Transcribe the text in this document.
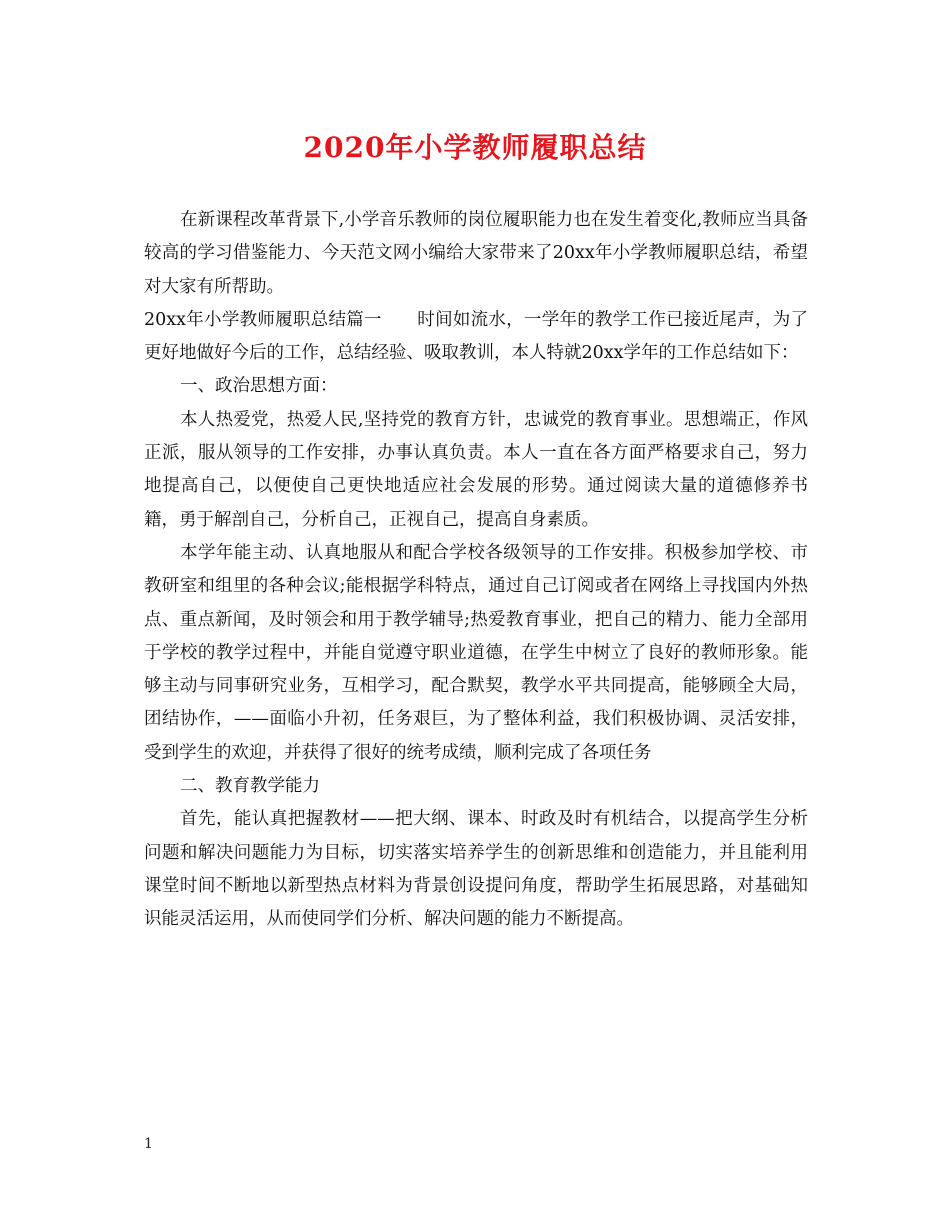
2020年小学教师履职总结

在新课程改革背景下,小学音乐教师的岗位履职能力也在发生着变化,教师应当具备较高的学习借鉴能力、今天范文网小编给大家带来了20xx年小学教师履职总结，希望对大家有所帮助。

20xx年小学教师履职总结篇一　　时间如流水，一学年的教学工作已接近尾声，为了更好地做好今后的工作，总结经验、吸取教训，本人特就20xx学年的工作总结如下：

一、政治思想方面：

本人热爱党，热爱人民,坚持党的教育方针，忠诚党的教育事业。思想端正，作风正派，服从领导的工作安排，办事认真负责。本人一直在各方面严格要求自己，努力地提高自己，以便使自己更快地适应社会发展的形势。通过阅读大量的道德修养书籍，勇于解剖自己，分析自己，正视自己，提高自身素质。

本学年能主动、认真地服从和配合学校各级领导的工作安排。积极参加学校、市教研室和组里的各种会议;能根据学科特点，通过自己订阅或者在网络上寻找国内外热点、重点新闻，及时领会和用于教学辅导;热爱教育事业，把自己的精力、能力全部用于学校的教学过程中，并能自觉遵守职业道德，在学生中树立了良好的教师形象。能够主动与同事研究业务，互相学习，配合默契，教学水平共同提高，能够顾全大局，团结协作，——面临小升初，任务艰巨，为了整体利益，我们积极协调、灵活安排，受到学生的欢迎，并获得了很好的统考成绩，顺利完成了各项任务

二、教育教学能力

首先，能认真把握教材——把大纲、课本、时政及时有机结合，以提高学生分析问题和解决问题能力为目标，切实落实培养学生的创新思维和创造能力，并且能利用课堂时间不断地以新型热点材料为背景创设提问角度，帮助学生拓展思路，对基础知识能灵活运用，从而使同学们分析、解决问题的能力不断提高。

1
